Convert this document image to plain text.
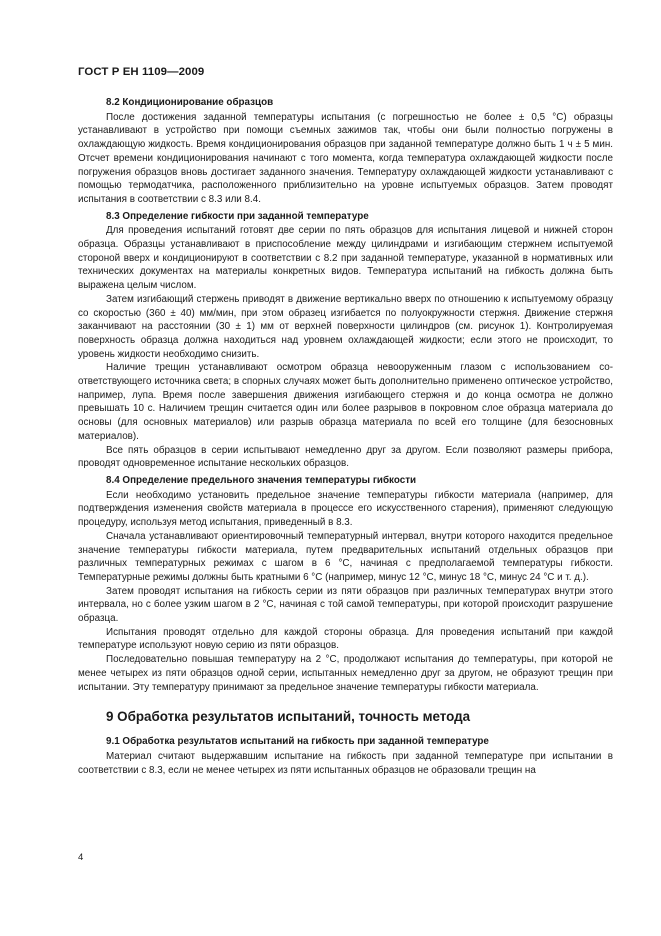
ГОСТ Р ЕН 1109—2009
8.2 Кондиционирование образцов

После достижения заданной температуры испытания (с погрешностью не более ± 0,5 °С) образцы устанавливают в устройство при помощи съемных зажимов так, чтобы они были полностью погружены в охлаждающую жидкость. Время кондиционирования образцов при заданной температуре должно быть 1 ч ± 5 мин. Отсчет времени кондиционирования начинают с того момента, когда температура охлаждающей жидкости после погружения образцов вновь достигает заданного значения. Температуру охлаждающей жидкости устанавливают с помощью термодатчика, расположенного приблизительно на уровне испытуемых образцов. Затем проводят испытания в соответствии с 8.3 или 8.4.

8.3 Определение гибкости при заданной температуре

Для проведения испытаний готовят две серии по пять образцов для испытания лицевой и нижней сторон образца. Образцы устанавливают в приспособление между цилиндрами и изгибающим стержнем испытуемой стороной вверх и кондиционируют в соответствии с 8.2 при заданной температуре, указанной в нормативных или технических документах на материалы конкретных видов. Температура испытаний на гибкость должна быть выражена целым числом.

Затем изгибающий стержень приводят в движение вертикально вверх по отношению к испытуемому образцу со скоростью (360 ± 40) мм/мин, при этом образец изгибается по полуокружности стержня. Движение стержня заканчивают на расстоянии (30 ± 1) мм от верхней поверхности цилиндров (см. рисунок 1). Контролируемая поверхность образца должна находиться над уровнем охлаждающей жидкости; если этого не происходит, то уровень жидкости необходимо снизить.

Наличие трещин устанавливают осмотром образца невооруженным глазом с использованием соответствующего источника света; в спорных случаях может быть дополнительно применено оптическое устройство, например, лупа. Время после завершения движения изгибающего стержня и до конца осмотра не должно превышать 10 с. Наличием трещин считается один или более разрывов в покровном слое образца материала до основы (для основных материалов) или разрыв образца материала по всей его толщине (для безосновных материалов).

Все пять образцов в серии испытывают немедленно друг за другом. Если позволяют размеры прибора, проводят одновременное испытание нескольких образцов.

8.4 Определение предельного значения температуры гибкости

Если необходимо установить предельное значение температуры гибкости материала (например, для подтверждения изменения свойств материала в процессе его искусственного старения), применяют следующую процедуру, используя метод испытания, приведенный в 8.3.

Сначала устанавливают ориентировочный температурный интервал, внутри которого находится предельное значение температуры гибкости материала, путем предварительных испытаний отдельных образцов при различных температурных режимах с шагом в 6 °С, начиная с предполагаемой температуры гибкости. Температурные режимы должны быть кратными 6 °С (например, минус 12 °С, минус 18 °С, минус 24 °С и т. д.).

Затем проводят испытания на гибкость серии из пяти образцов при различных температурах внутри этого интервала, но с более узким шагом в 2 °С, начиная с той самой температуры, при которой происходит разрушение образца.

Испытания проводят отдельно для каждой стороны образца. Для проведения испытаний при каждой температуре используют новую серию из пяти образцов.

Последовательно повышая температуру на 2 °С, продолжают испытания до температуры, при которой не менее четырех из пяти образцов одной серии, испытанных немедленно друг за другом, не образуют трещин при испытании. Эту температуру принимают за предельное значение температуры гибкости материала.

9 Обработка результатов испытаний, точность метода
9.1 Обработка результатов испытаний на гибкость при заданной температуре

Материал считают выдержавшим испытание на гибкость при заданной температуре при испытании в соответствии с 8.3, если не менее четырех из пяти испытанных образцов не образовали трещин на

4
